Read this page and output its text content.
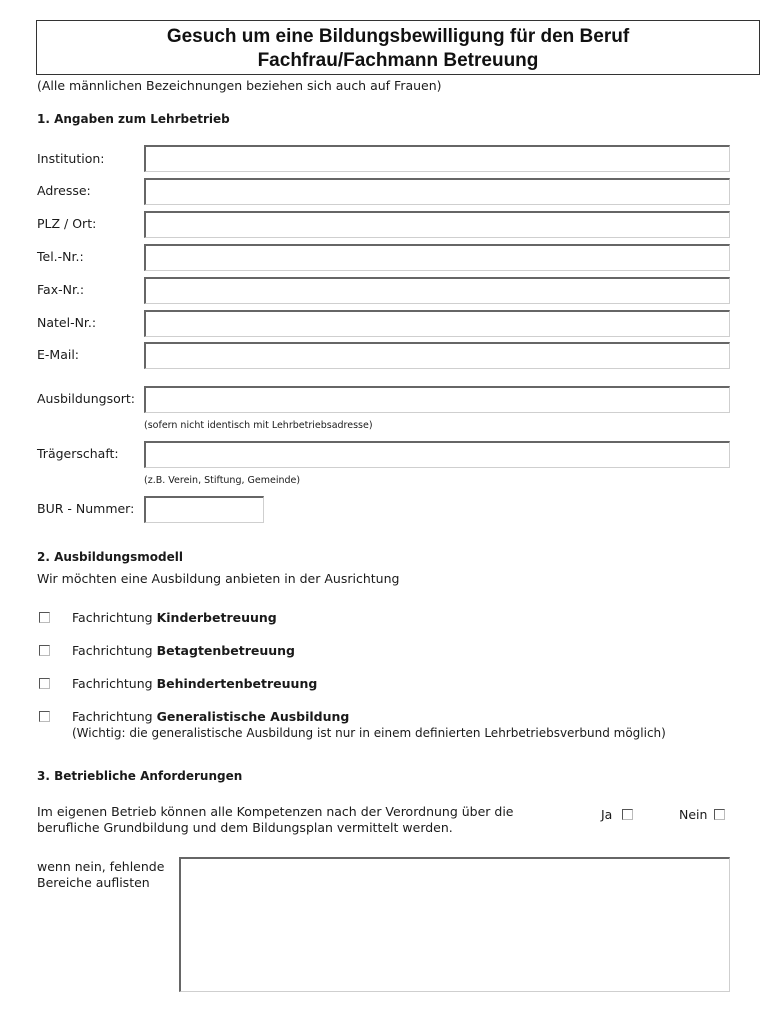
Gesuch um eine Bildungsbewilligung für den Beruf
Fachfrau/Fachmann Betreuung
(Alle männlichen Bezeichnungen beziehen sich auch auf Frauen)
1. Angaben zum Lehrbetrieb
Institution:
Adresse:
PLZ / Ort:
Tel.-Nr.:
Fax-Nr.:
Natel-Nr.:
E-Mail:
Ausbildungsort:
(sofern nicht identisch mit Lehrbetriebsadresse)
Trägerschaft:
(z.B. Verein, Stiftung, Gemeinde)
BUR - Nummer:
2. Ausbildungsmodell
Wir möchten eine Ausbildung anbieten in der Ausrichtung
Fachrichtung Kinderbetreuung
Fachrichtung Betagtenbetreuung
Fachrichtung Behindertenbetreuung
Fachrichtung Generalistische Ausbildung
(Wichtig: die generalistische Ausbildung ist nur in einem definierten Lehrbetriebsverbund möglich)
3. Betriebliche Anforderungen
Im eigenen Betrieb können alle Kompetenzen nach der Verordnung über die
berufliche Grundbildung und dem Bildungsplan vermittelt werden.
Ja	Nein
wenn nein, fehlende
Bereiche auflisten
